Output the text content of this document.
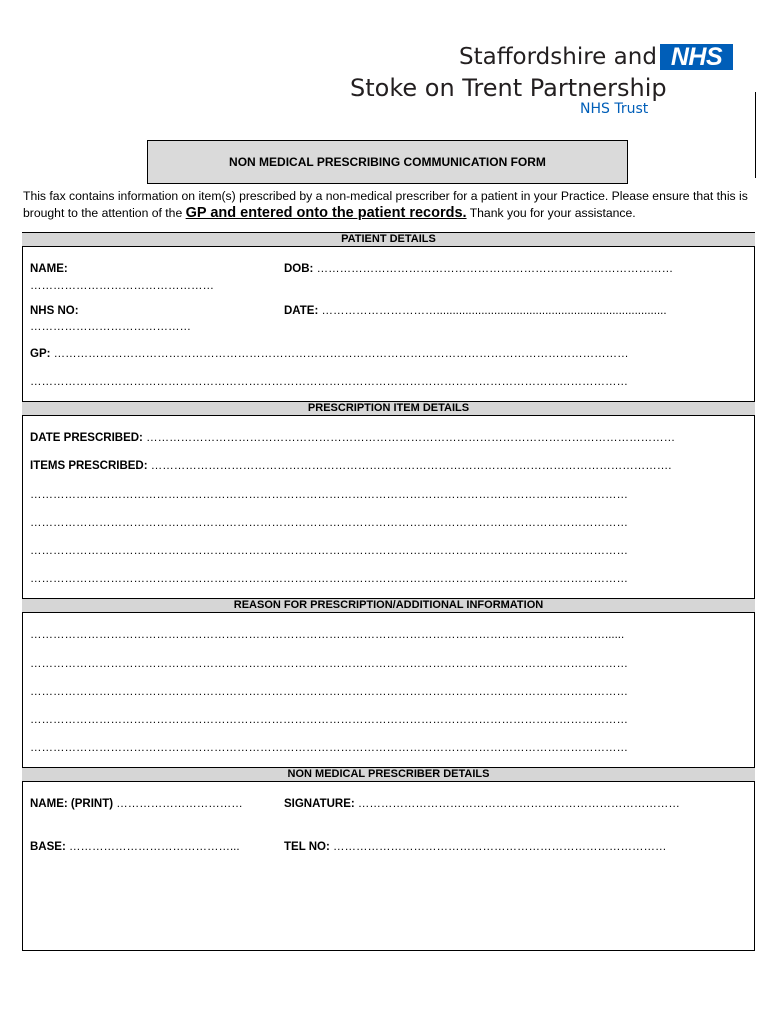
Staffordshire and
Stoke on Trent Partnership
NHS Trust
NHS
NON MEDICAL PRESCRIBING COMMUNICATION FORM
This fax contains information on item(s) prescribed by a non-medical prescriber for a patient in your Practice. Please ensure that this is brought to the attention of the GP and entered onto the patient records. Thank you for your assistance.
PATIENT DETAILS
NAME:
…………………………………………
DOB: …………………………………………………………………………………
NHS NO:
……………………………………
DATE: …………………………........................................................................
GP: ……………………………………………………………………………………………………………………………………
…………………………………………………………………………………………………………………………………………
PRESCRIPTION ITEM DETAILS
DATE PRESCRIBED: …………………………………………………………………………………………………………………………
ITEMS PRESCRIBED: ……………………………………………………………………………………………………………………….
…………………………………………………………………………………………………………………………………………
…………………………………………………………………………………………………………………………………………
…………………………………………………………………………………………………………………………………………
…………………………………………………………………………………………………………………………………………
REASON FOR PRESCRIPTION/ADDITIONAL INFORMATION
……………………………………………………………………………………………………………………………………......
…………………………………………………………………………………………………………………………………………
…………………………………………………………………………………………………………………………………………
…………………………………………………………………………………………………………………………………………
…………………………………………………………………………………………………………………………………………
NON MEDICAL PRESCRIBER DETAILS
NAME: (PRINT) ……………………………	SIGNATURE: …………………………………………………………………………
BASE: ……………………………………...	TEL NO: ……………………………………………………………………………
